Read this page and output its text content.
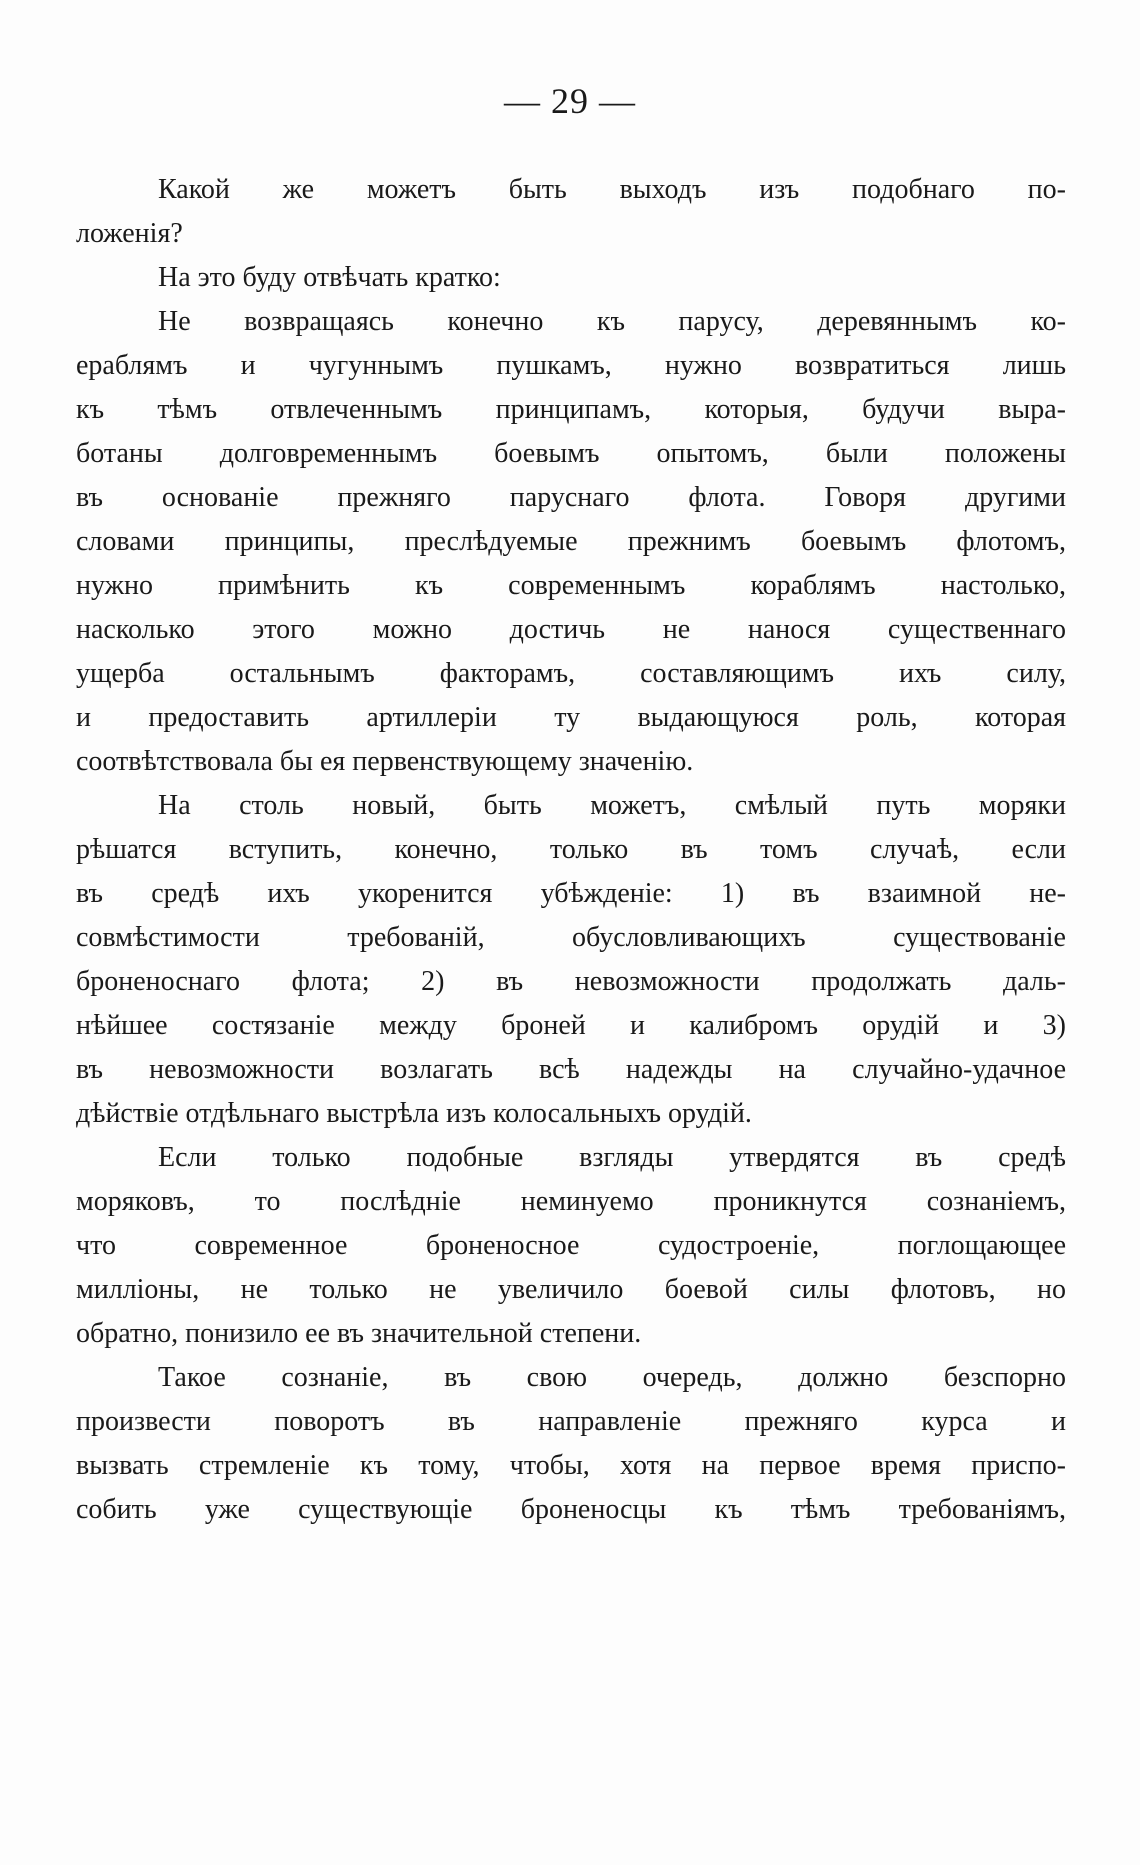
— 29 —
Какой же можетъ быть выходъ изъ подобнаго по-
ложенія?
На это буду отвѣчать кратко:
Не возвращаясь конечно къ парусу, деревяннымъ ко-
ераблямъ и чугуннымъ пушкамъ, нужно возвратиться лишь
къ тѣмъ отвлеченнымъ принципамъ, которыя, будучи выра-
ботаны долговременнымъ боевымъ опытомъ, были положены
въ основаніе прежняго паруснаго флота. Говоря другими
словами принципы, преслѣдуемые прежнимъ боевымъ флотомъ,
нужно примѣнить къ современнымъ кораблямъ настолько,
насколько этого можно достичь не нанося существеннаго
ущерба остальнымъ факторамъ, составляющимъ ихъ силу,
и предоставить артиллеріи ту выдающуюся роль, которая
соотвѣтствовала бы ея первенствующему значенію.
На столь новый, быть можетъ, смѣлый путь моряки
рѣшатся вступить, конечно, только въ томъ случаѣ, если
въ средѣ ихъ укоренится убѣжденіе: 1) въ взаимной не-
совмѣстимости требованій, обусловливающихъ существованіе
броненоснаго флота; 2) въ невозможности продолжать даль-
нѣйшее состязаніе между броней и калибромъ орудій и 3)
въ невозможности возлагать всѣ надежды на случайно-удачное
дѣйствіе отдѣльнаго выстрѣла изъ колосальныхъ орудій.
Если только подобные взгляды утвердятся въ средѣ
моряковъ, то послѣдніе неминуемо проникнутся сознаніемъ,
что современное броненосное судостроеніе, поглощающее
милліоны, не только не увеличило боевой силы флотовъ, но
обратно, понизило ее въ значительной степени.
Такое сознаніе, въ свою очередь, должно безспорно
произвести поворотъ въ направленіе прежняго курса и
вызвать стремленіе къ тому, чтобы, хотя на первое время приспо-
собить уже существующіе броненосцы къ тѣмъ требованіямъ,
